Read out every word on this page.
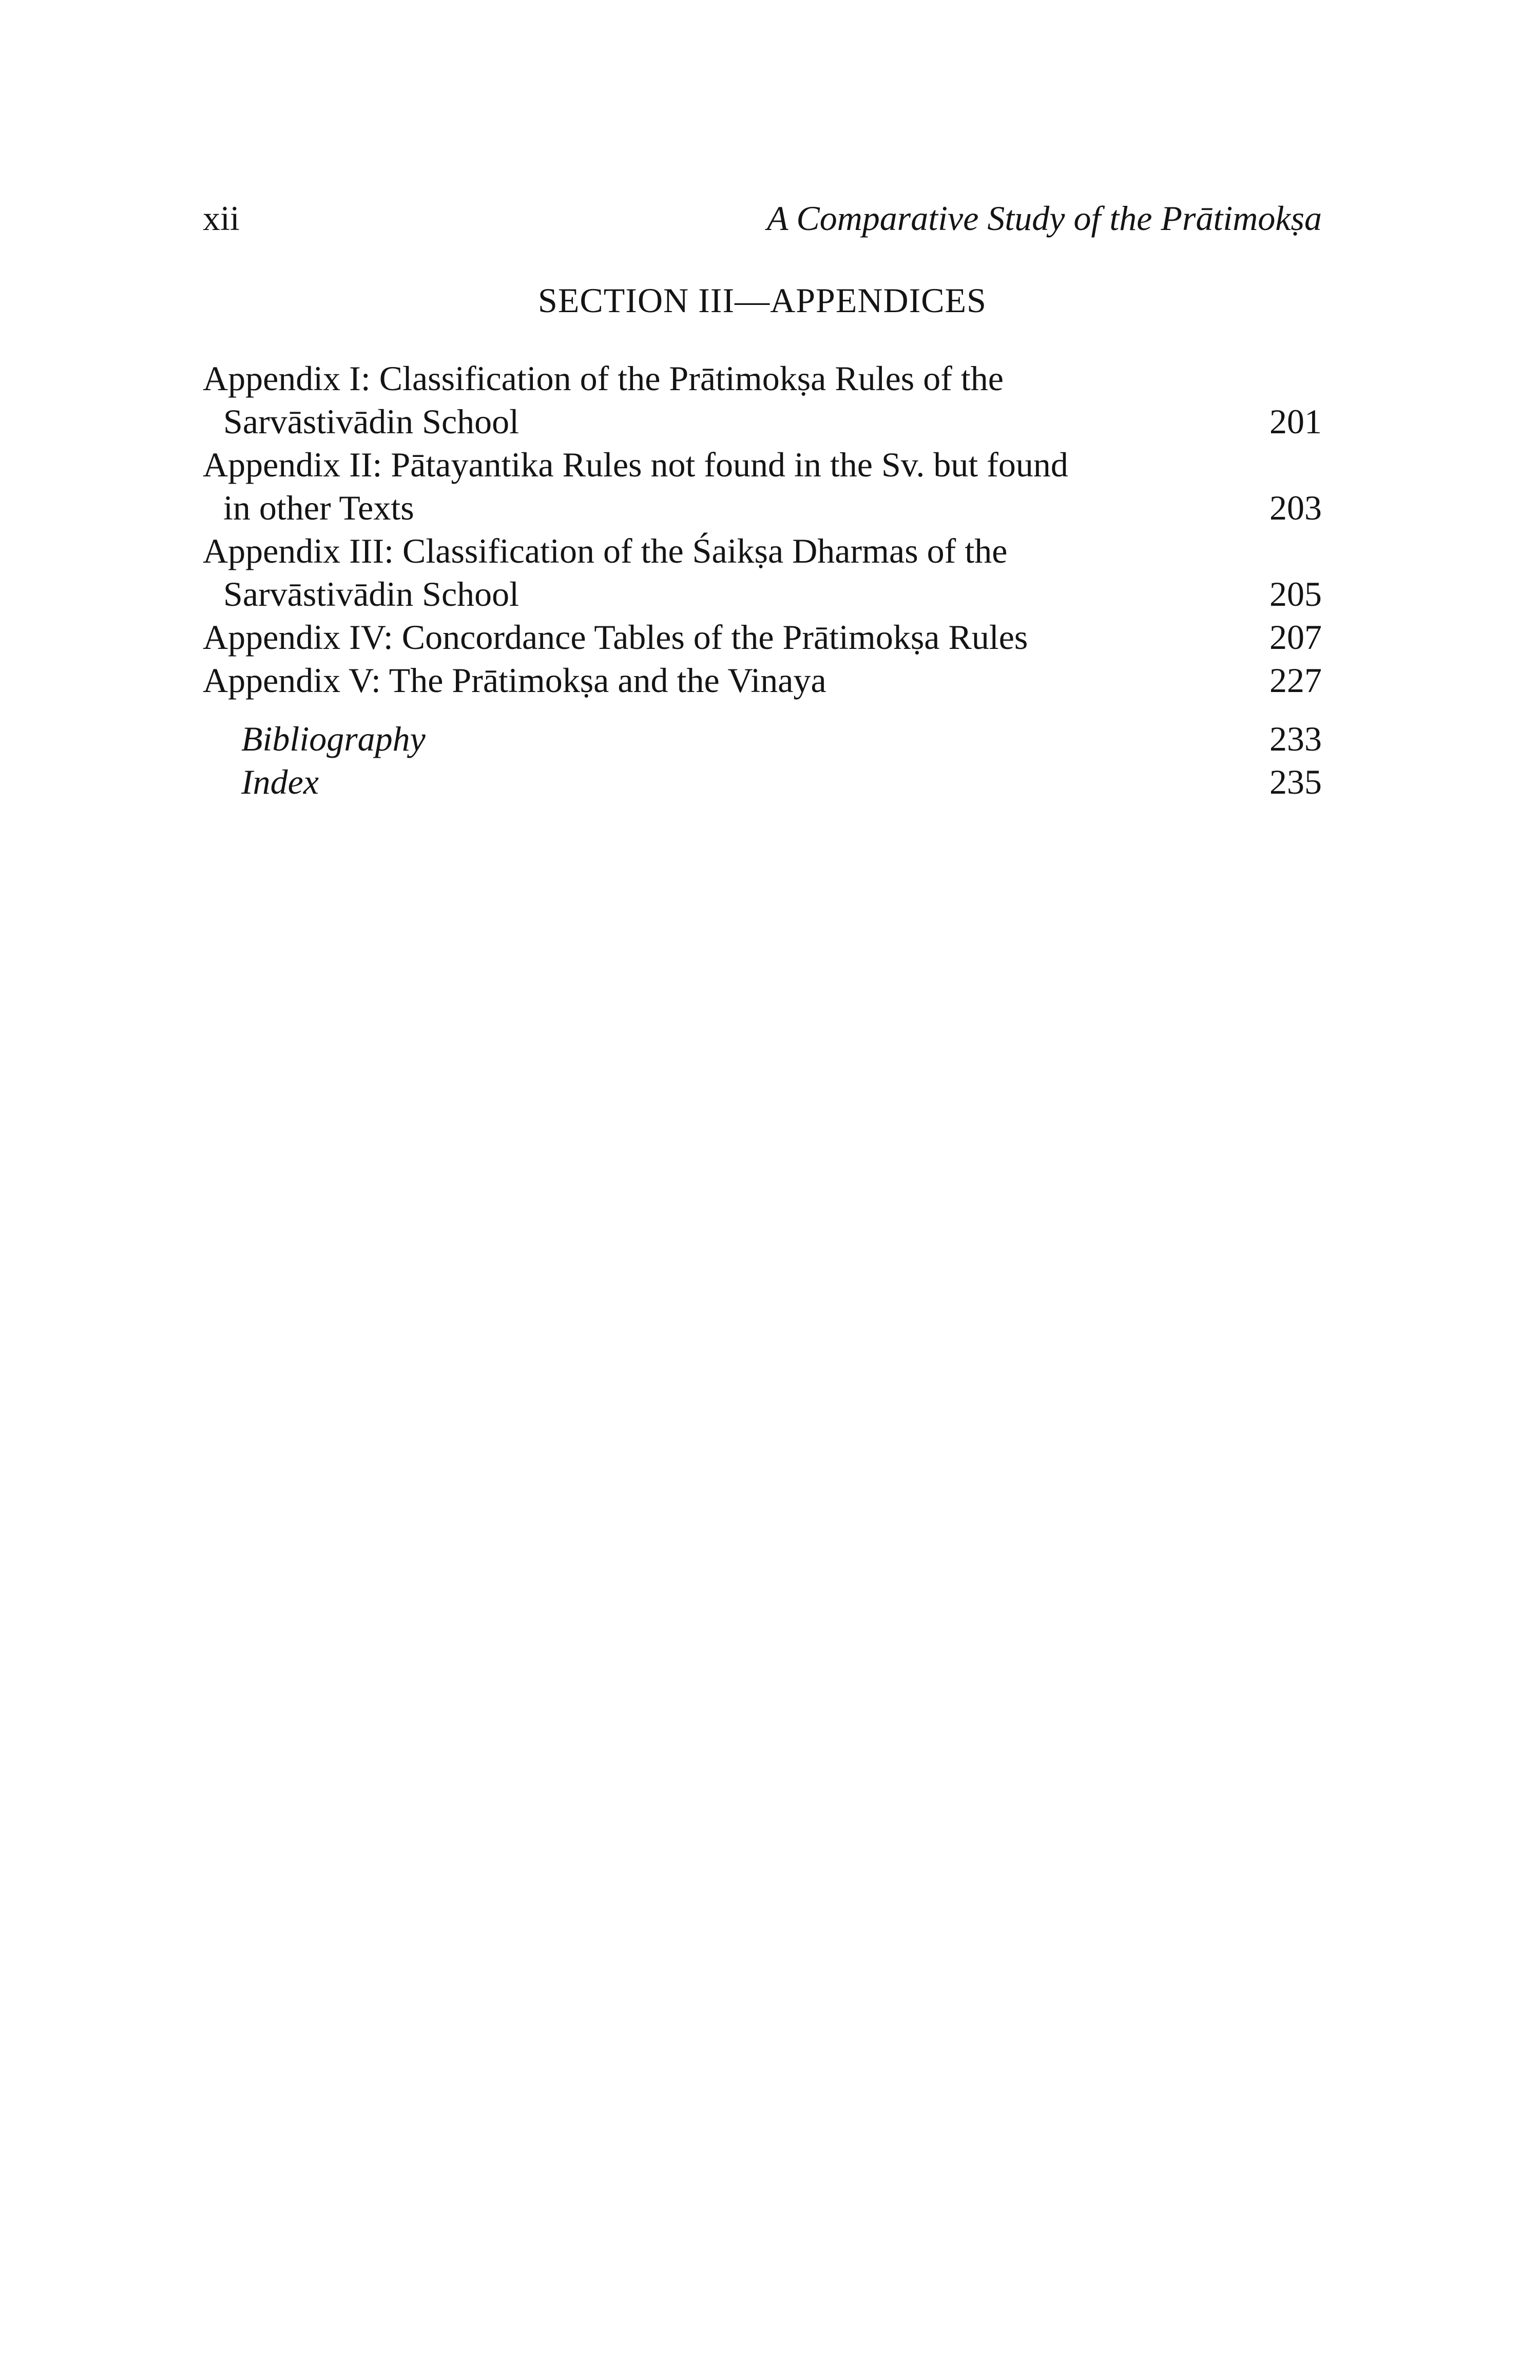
xii	A Comparative Study of the Prātimokṣa
SECTION III—APPENDICES
Appendix I: Classification of the Prātimokṣa Rules of the
Sarvāstivādin School	201
Appendix II: Pātayantika Rules not found in the Sv. but found
in other Texts	203
Appendix III: Classification of the Śaikṣa Dharmas of the
Sarvāstivādin School	205
Appendix IV: Concordance Tables of the Prātimokṣa Rules	207
Appendix V: The Prātimokṣa and the Vinaya	227
Bibliography	233
Index	235
